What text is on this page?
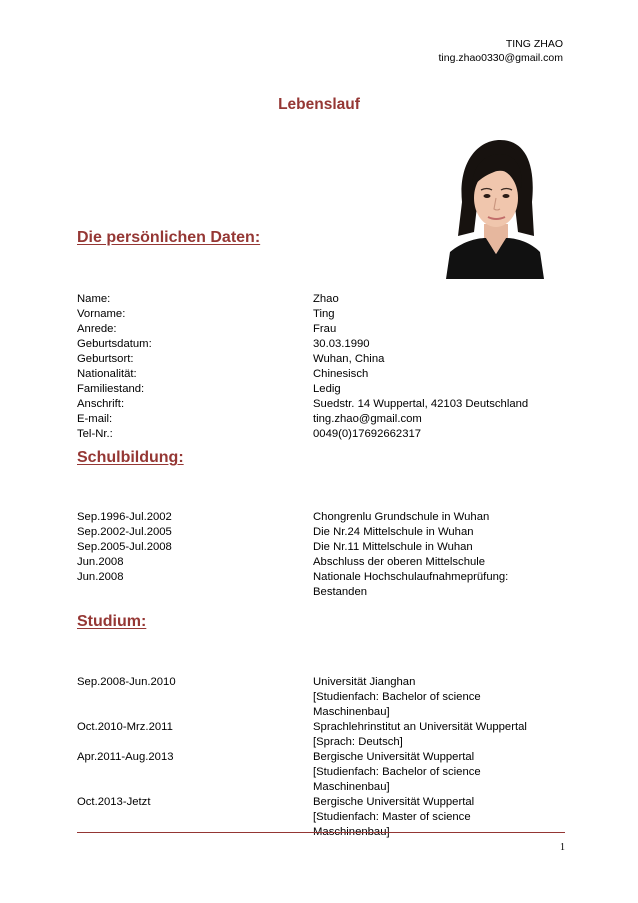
TING ZHAO
ting.zhao0330@gmail.com
Lebenslauf
Die persönlichen Daten:
Name:	Zhao
Vorname:	Ting
Anrede:	Frau
Geburtsdatum:	30.03.1990
Geburtsort:	Wuhan, China
Nationalität:	Chinesisch
Familiestand:	Ledig
Anschrift:	Suedstr. 14 Wuppertal, 42103 Deutschland
E-mail:	ting.zhao@gmail.com
Tel-Nr.:	0049(0)17692662317
Schulbildung:
Sep.1996-Jul.2002	Chongrenlu Grundschule in Wuhan
Sep.2002-Jul.2005	Die Nr.24 Mittelschule in Wuhan
Sep.2005-Jul.2008	Die Nr.11 Mittelschule in Wuhan
Jun.2008	Abschluss der oberen Mittelschule
Jun.2008	Nationale Hochschulaufnahmeprüfung:
Bestanden
Studium:
Sep.2008-Jun.2010	Universität Jianghan
[Studienfach: Bachelor of science
Maschinenbau]
Oct.2010-Mrz.2011	Sprachlehrinstitut an Universität Wuppertal
[Sprach: Deutsch]
Apr.2011-Aug.2013	Bergische Universität Wuppertal
[Studienfach: Bachelor of science
Maschinenbau]
Oct.2013-Jetzt	Bergische Universität Wuppertal
[Studienfach: Master of science
Maschinenbau]
1
